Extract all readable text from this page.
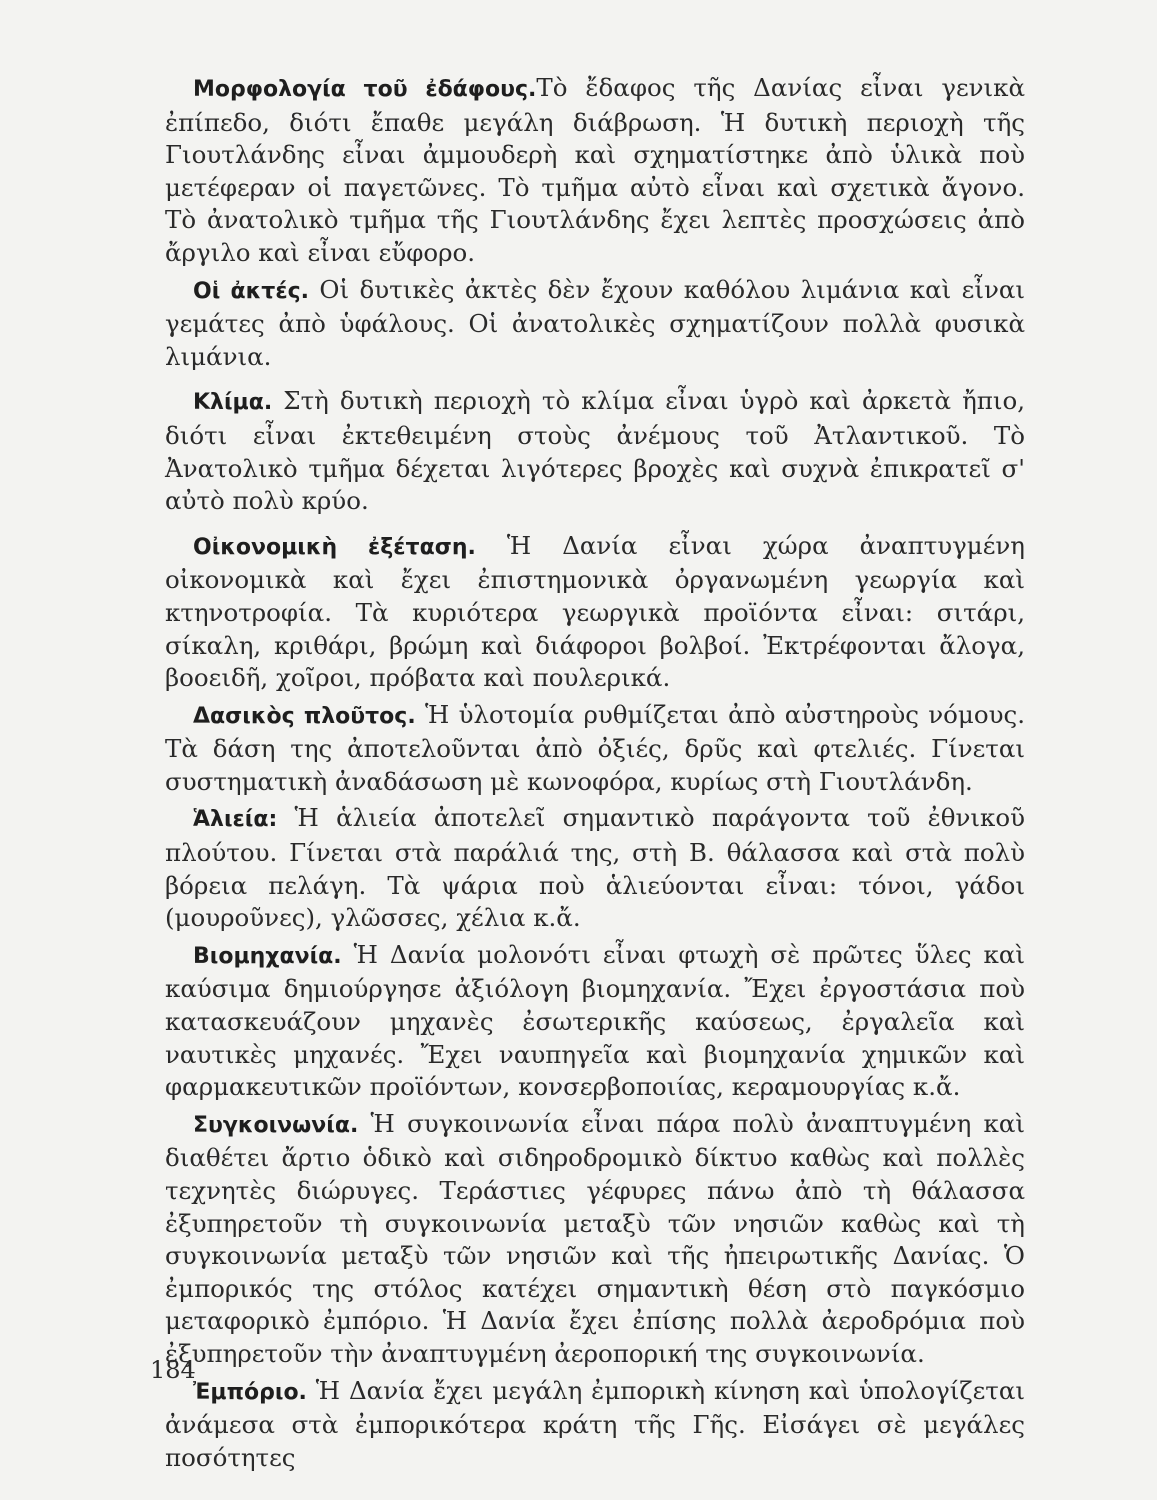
Μορφολογία τοῦ ἐδάφους.Τὸ ἔδαφος τῆς Δανίας εἶναι γενικὰ ἐπίπεδο, διότι ἔπαθε μεγάλη διάβρωση. Ἡ δυτικὴ περιοχὴ τῆς Γιουτλάνδης εἶναι ἀμμουδερὴ καὶ σχηματίστηκε ἀπὸ ὑλικὰ ποὺ μετέφεραν οἱ παγετῶνες. Τὸ τμῆμα αὐτὸ εἶναι καὶ σχετικὰ ἄγονο. Τὸ ἀνατολικὸ τμῆμα τῆς Γιουτλάνδης ἔχει λεπτὲς προσχώσεις ἀπὸ ἄργιλο καὶ εἶναι εὔφορο.

Οἱ ἀκτές. Οἱ δυτικὲς ἀκτὲς δὲν ἔχουν καθόλου λιμάνια καὶ εἶναι γεμάτες ἀπὸ ὑφάλους. Οἱ ἀνατολικὲς σχηματίζουν πολλὰ φυσικὰ λιμάνια.

Κλίμα. Στὴ δυτικὴ περιοχὴ τὸ κλίμα εἶναι ὑγρὸ καὶ ἀρκετὰ ἤπιο, διότι εἶναι ἐκτεθειμένη στοὺς ἀνέμους τοῦ Ἀτλαντικοῦ. Τὸ Ἀνατολικὸ τμῆμα δέχεται λιγότερες βροχὲς καὶ συχνὰ ἐπικρατεῖ σ' αὐτὸ πολὺ κρύο.

Οἰκονομικὴ ἐξέταση. Ἡ Δανία εἶναι χώρα ἀναπτυγμένη οἰκονομικὰ καὶ ἔχει ἐπιστημονικὰ ὀργανωμένη γεωργία καὶ κτηνοτροφία. Τὰ κυριότερα γεωργικὰ προϊόντα εἶναι: σιτάρι, σίκαλη, κριθάρι, βρώμη καὶ διάφοροι βολβοί. Ἐκτρέφονται ἄλογα, βοοειδῆ, χοῖροι, πρόβατα καὶ πουλερικά.

Δασικὸς πλοῦτος. Ἡ ὑλοτομία ρυθμίζεται ἀπὸ αὐστηροὺς νόμους. Τὰ δάση της ἀποτελοῦνται ἀπὸ ὀξιές, δρῦς καὶ φτελιές. Γίνεται συστηματικὴ ἀναδάσωση μὲ κωνοφόρα, κυρίως στὴ Γιουτλάνδη.

Ἁλιεία: Ἡ ἁλιεία ἀποτελεῖ σημαντικὸ παράγοντα τοῦ ἐθνικοῦ πλούτου. Γίνεται στὰ παράλιά της, στὴ Β. θάλασσα καὶ στὰ πολὺ βόρεια πελάγη. Τὰ ψάρια ποὺ ἁλιεύονται εἶναι: τόνοι, γάδοι (μουροῦνες), γλῶσσες, χέλια κ.ἄ.

Βιομηχανία. Ἡ Δανία μολονότι εἶναι φτωχὴ σὲ πρῶτες ὕλες καὶ καύσιμα δημιούργησε ἀξιόλογη βιομηχανία. Ἔχει ἐργοστάσια ποὺ κατασκευάζουν μηχανὲς ἐσωτερικῆς καύσεως, ἐργαλεῖα καὶ ναυτικὲς μηχανές. Ἔχει ναυπηγεῖα καὶ βιομηχανία χημικῶν καὶ φαρμακευτικῶν προϊόντων, κονσερβοποιίας, κεραμουργίας κ.ἄ.

Συγκοινωνία. Ἡ συγκοινωνία εἶναι πάρα πολὺ ἀναπτυγμένη καὶ διαθέτει ἄρτιο ὁδικὸ καὶ σιδηροδρομικὸ δίκτυο καθὼς καὶ πολλὲς τεχνητὲς διώρυγες. Τεράστιες γέφυρες πάνω ἀπὸ τὴ θάλασσα ἐξυπηρετοῦν τὴ συγκοινωνία μεταξὺ τῶν νησιῶν καθὼς καὶ τὴ συγκοινωνία μεταξὺ τῶν νησιῶν καὶ τῆς ἠπειρωτικῆς Δανίας. Ὁ ἐμπορικός της στόλος κατέχει σημαντικὴ θέση στὸ παγκόσμιο μεταφορικὸ ἐμπόριο. Ἡ Δανία ἔχει ἐπίσης πολλὰ ἀεροδρόμια ποὺ ἐξυπηρετοῦν τὴν ἀναπτυγμένη ἀεροπορική της συγκοινωνία.

Ἐμπόριο. Ἡ Δανία ἔχει μεγάλη ἐμπορικὴ κίνηση καὶ ὑπολογίζεται ἀνάμεσα στὰ ἐμπορικότερα κράτη τῆς Γῆς. Εἰσάγει σὲ μεγάλες ποσότητες

184
